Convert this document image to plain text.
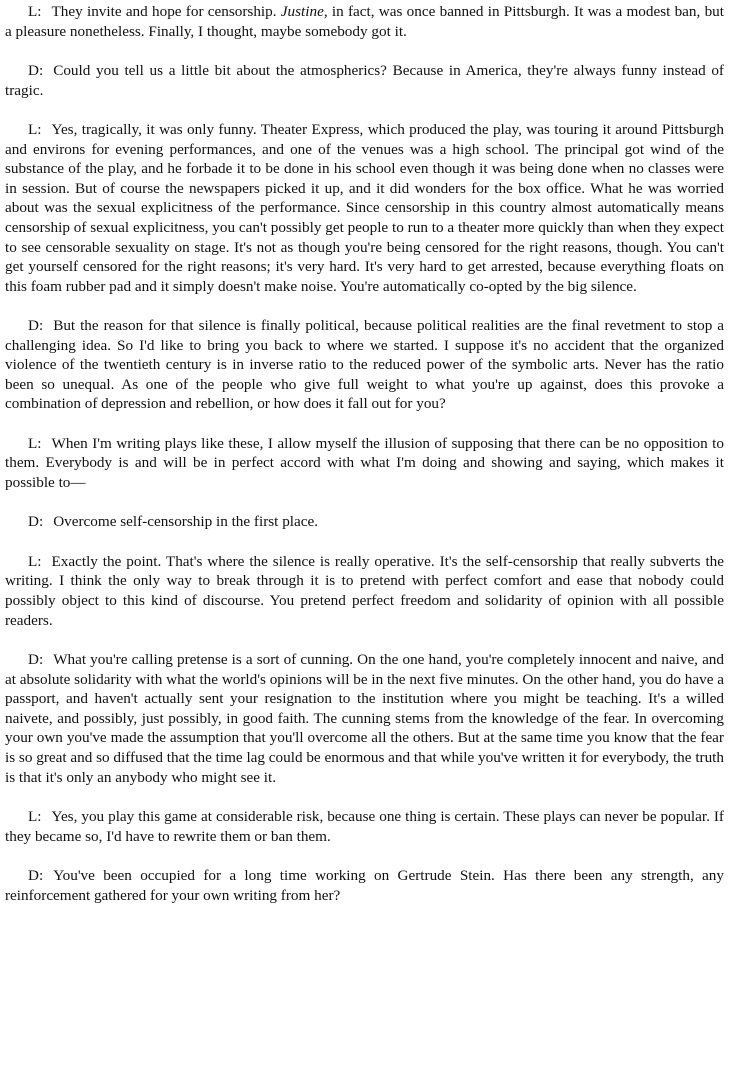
L: They invite and hope for censorship. Justine, in fact, was once banned in Pittsburgh. It was a modest ban, but a pleasure nonetheless. Finally, I thought, maybe somebody got it.

D: Could you tell us a little bit about the atmospherics? Because in America, they're always funny instead of tragic.

L: Yes, tragically, it was only funny. Theater Express, which produced the play, was touring it around Pittsburgh and environs for evening performances, and one of the venues was a high school. The principal got wind of the substance of the play, and he forbade it to be done in his school even though it was being done when no classes were in session. But of course the newspapers picked it up, and it did wonders for the box office. What he was worried about was the sexual explicitness of the performance. Since censorship in this country almost automatically means censorship of sexual explicitness, you can't possibly get people to run to a theater more quickly than when they expect to see censorable sexuality on stage. It's not as though you're being censored for the right reasons, though. You can't get yourself censored for the right reasons; it's very hard. It's very hard to get arrested, because everything floats on this foam rubber pad and it simply doesn't make noise. You're automatically co-opted by the big silence.

D: But the reason for that silence is finally political, because political realities are the final revetment to stop a challenging idea. So I'd like to bring you back to where we started. I suppose it's no accident that the organized violence of the twentieth century is in inverse ratio to the reduced power of the symbolic arts. Never has the ratio been so unequal. As one of the people who give full weight to what you're up against, does this provoke a combination of depression and rebellion, or how does it fall out for you?

L: When I'm writing plays like these, I allow myself the illusion of supposing that there can be no opposition to them. Everybody is and will be in perfect accord with what I'm doing and showing and saying, which makes it possible to—

D: Overcome self-censorship in the first place.

L: Exactly the point. That's where the silence is really operative. It's the self-censorship that really subverts the writing. I think the only way to break through it is to pretend with perfect comfort and ease that nobody could possibly object to this kind of discourse. You pretend perfect freedom and solidarity of opinion with all possible readers.

D: What you're calling pretense is a sort of cunning. On the one hand, you're completely innocent and naive, and at absolute solidarity with what the world's opinions will be in the next five minutes. On the other hand, you do have a passport, and haven't actually sent your resignation to the institution where you might be teaching. It's a willed naivete, and possibly, just possibly, in good faith. The cunning stems from the knowledge of the fear. In overcoming your own you've made the assumption that you'll overcome all the others. But at the same time you know that the fear is so great and so diffused that the time lag could be enormous and that while you've written it for everybody, the truth is that it's only an anybody who might see it.

L: Yes, you play this game at considerable risk, because one thing is certain. These plays can never be popular. If they became so, I'd have to rewrite them or ban them.

D: You've been occupied for a long time working on Gertrude Stein. Has there been any strength, any reinforcement gathered for your own writing from her?
